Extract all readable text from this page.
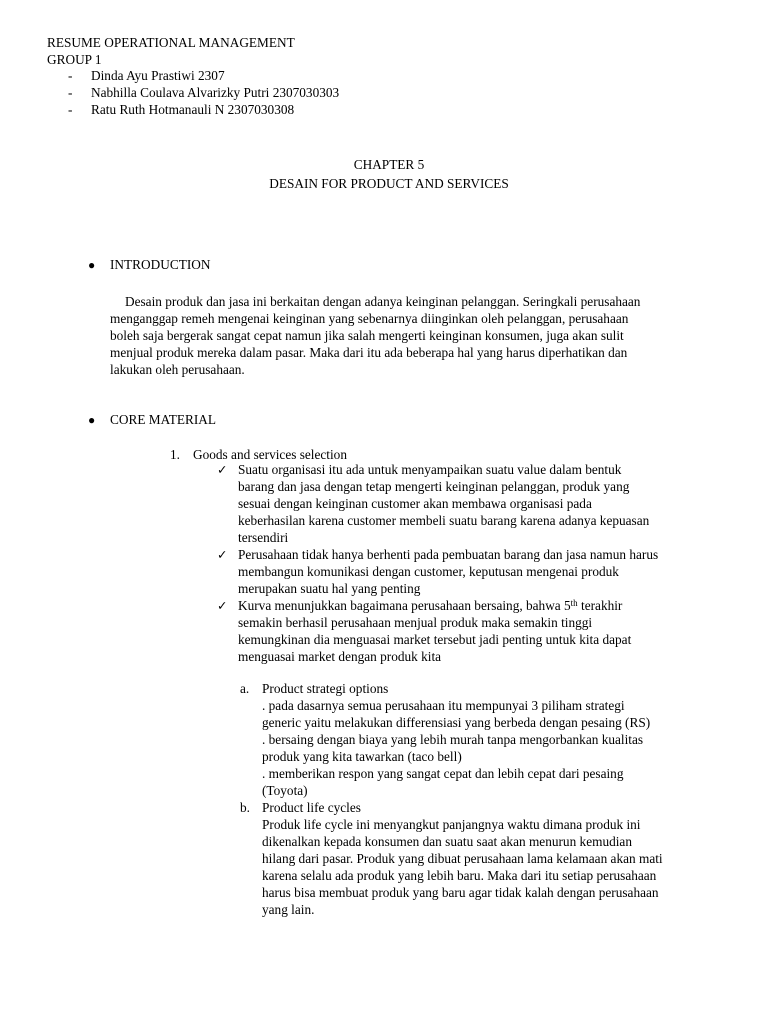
RESUME OPERATIONAL MANAGEMENT
GROUP 1
- Dinda Ayu Prastiwi 2307
- Nabhilla Coulava Alvarizky Putri 2307030303
- Ratu Ruth Hotmanauli N 2307030308
CHAPTER 5
DESAIN FOR PRODUCT AND SERVICES
● INTRODUCTION
Desain produk dan jasa ini berkaitan dengan adanya keinginan pelanggan. Seringkali perusahaan
menganggap remeh mengenai keinginan yang sebenarnya diinginkan oleh pelanggan, perusahaan
boleh saja bergerak sangat cepat namun jika salah mengerti keinginan konsumen, juga akan sulit
menjual produk mereka dalam pasar. Maka dari itu ada beberapa hal yang harus diperhatikan dan
lakukan oleh perusahaan.
● CORE MATERIAL
1. Goods and services selection
✓ Suatu organisasi itu ada untuk menyampaikan suatu value dalam bentuk
barang dan jasa dengan tetap mengerti keinginan pelanggan, produk yang
sesuai dengan keinginan customer akan membawa organisasi pada
keberhasilan karena customer membeli suatu barang karena adanya kepuasan
tersendiri
✓ Perusahaan tidak hanya berhenti pada pembuatan barang dan jasa namun harus
membangun komunikasi dengan customer, keputusan mengenai produk
merupakan suatu hal yang penting
✓ Kurva menunjukkan bagaimana perusahaan bersaing, bahwa 5th terakhir
semakin berhasil perusahaan menjual produk maka semakin tinggi
kemungkinan dia menguasai market tersebut jadi penting untuk kita dapat
menguasai market dengan produk kita
a. Product strategi options
. pada dasarnya semua perusahaan itu mempunyai 3 piliham strategi
generic yaitu melakukan differensiasi yang berbeda dengan pesaing (RS)
. bersaing dengan biaya yang lebih murah tanpa mengorbankan kualitas
produk yang kita tawarkan (taco bell)
. memberikan respon yang sangat cepat dan lebih cepat dari pesaing
(Toyota)
b. Product life cycles
Produk life cycle ini menyangkut panjangnya waktu dimana produk ini
dikenalkan kepada konsumen dan suatu saat akan menurun kemudian
hilang dari pasar. Produk yang dibuat perusahaan lama kelamaan akan mati
karena selalu ada produk yang lebih baru. Maka dari itu setiap perusahaan
harus bisa membuat produk yang baru agar tidak kalah dengan perusahaan
yang lain.
